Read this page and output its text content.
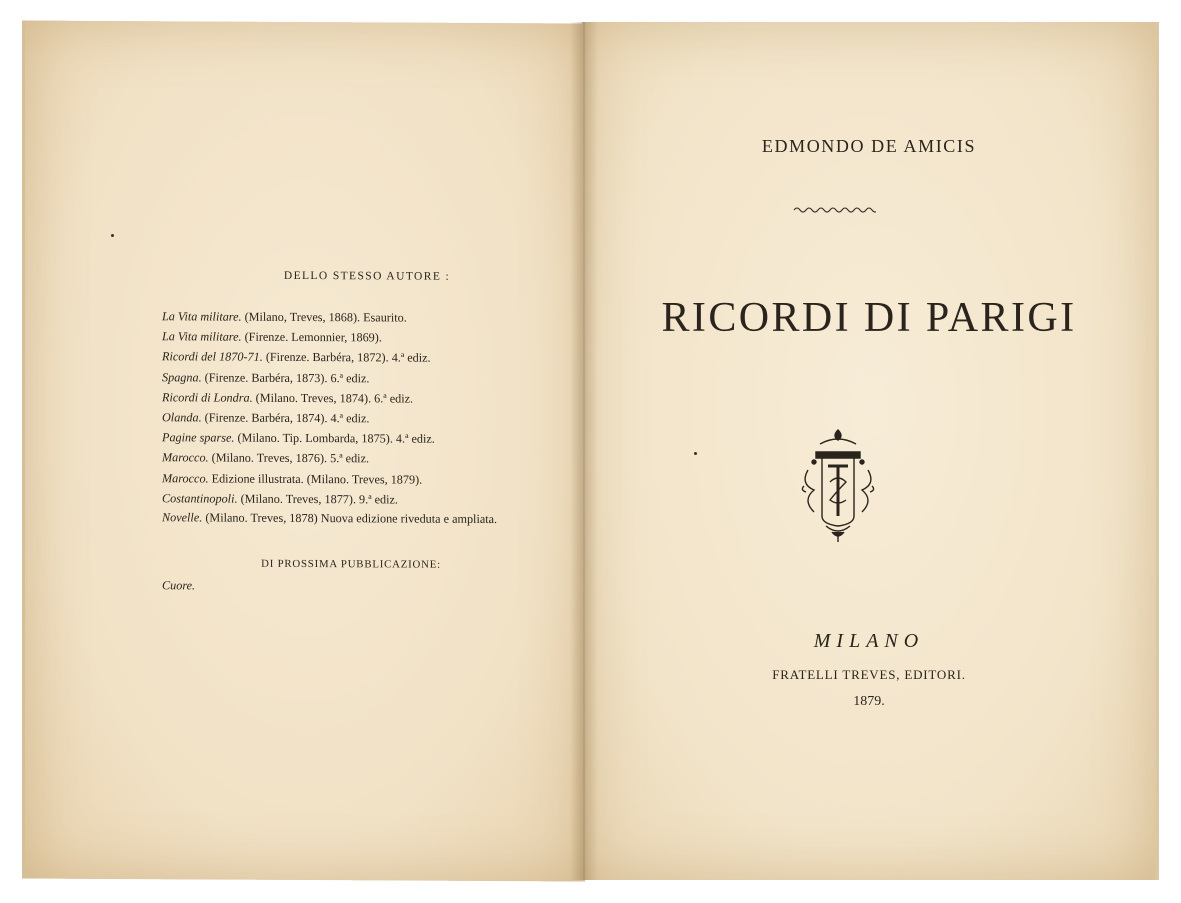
DELLO STESSO AUTORE :
La Vita militare. (Milano, Treves, 1868). Esaurito.
La Vita militare. (Firenze. Lemonnier, 1869).
Ricordi del 1870-71. (Firenze. Barbéra, 1872). 4.ª ediz.
Spagna. (Firenze. Barbéra, 1873). 6.ª ediz.
Ricordi di Londra. (Milano. Treves, 1874). 6.ª ediz.
Olanda. (Firenze. Barbéra, 1874). 4.ª ediz.
Pagine sparse. (Milano. Tip. Lombarda, 1875). 4.ª ediz.
Marocco. (Milano. Treves, 1876). 5.ª ediz.
Marocco. Edizione illustrata. (Milano. Treves, 1879).
Costantinopoli. (Milano. Treves, 1877). 9.ª ediz.
Novelle. (Milano. Treves, 1878) Nuova edizione riveduta e ampliata.
DI PROSSIMA PUBBLICAZIONE:
Cuore.
EDMONDO DE AMICIS
RICORDI DI PARIGI
MILANO
FRATELLI TREVES, EDITORI.
1879.
